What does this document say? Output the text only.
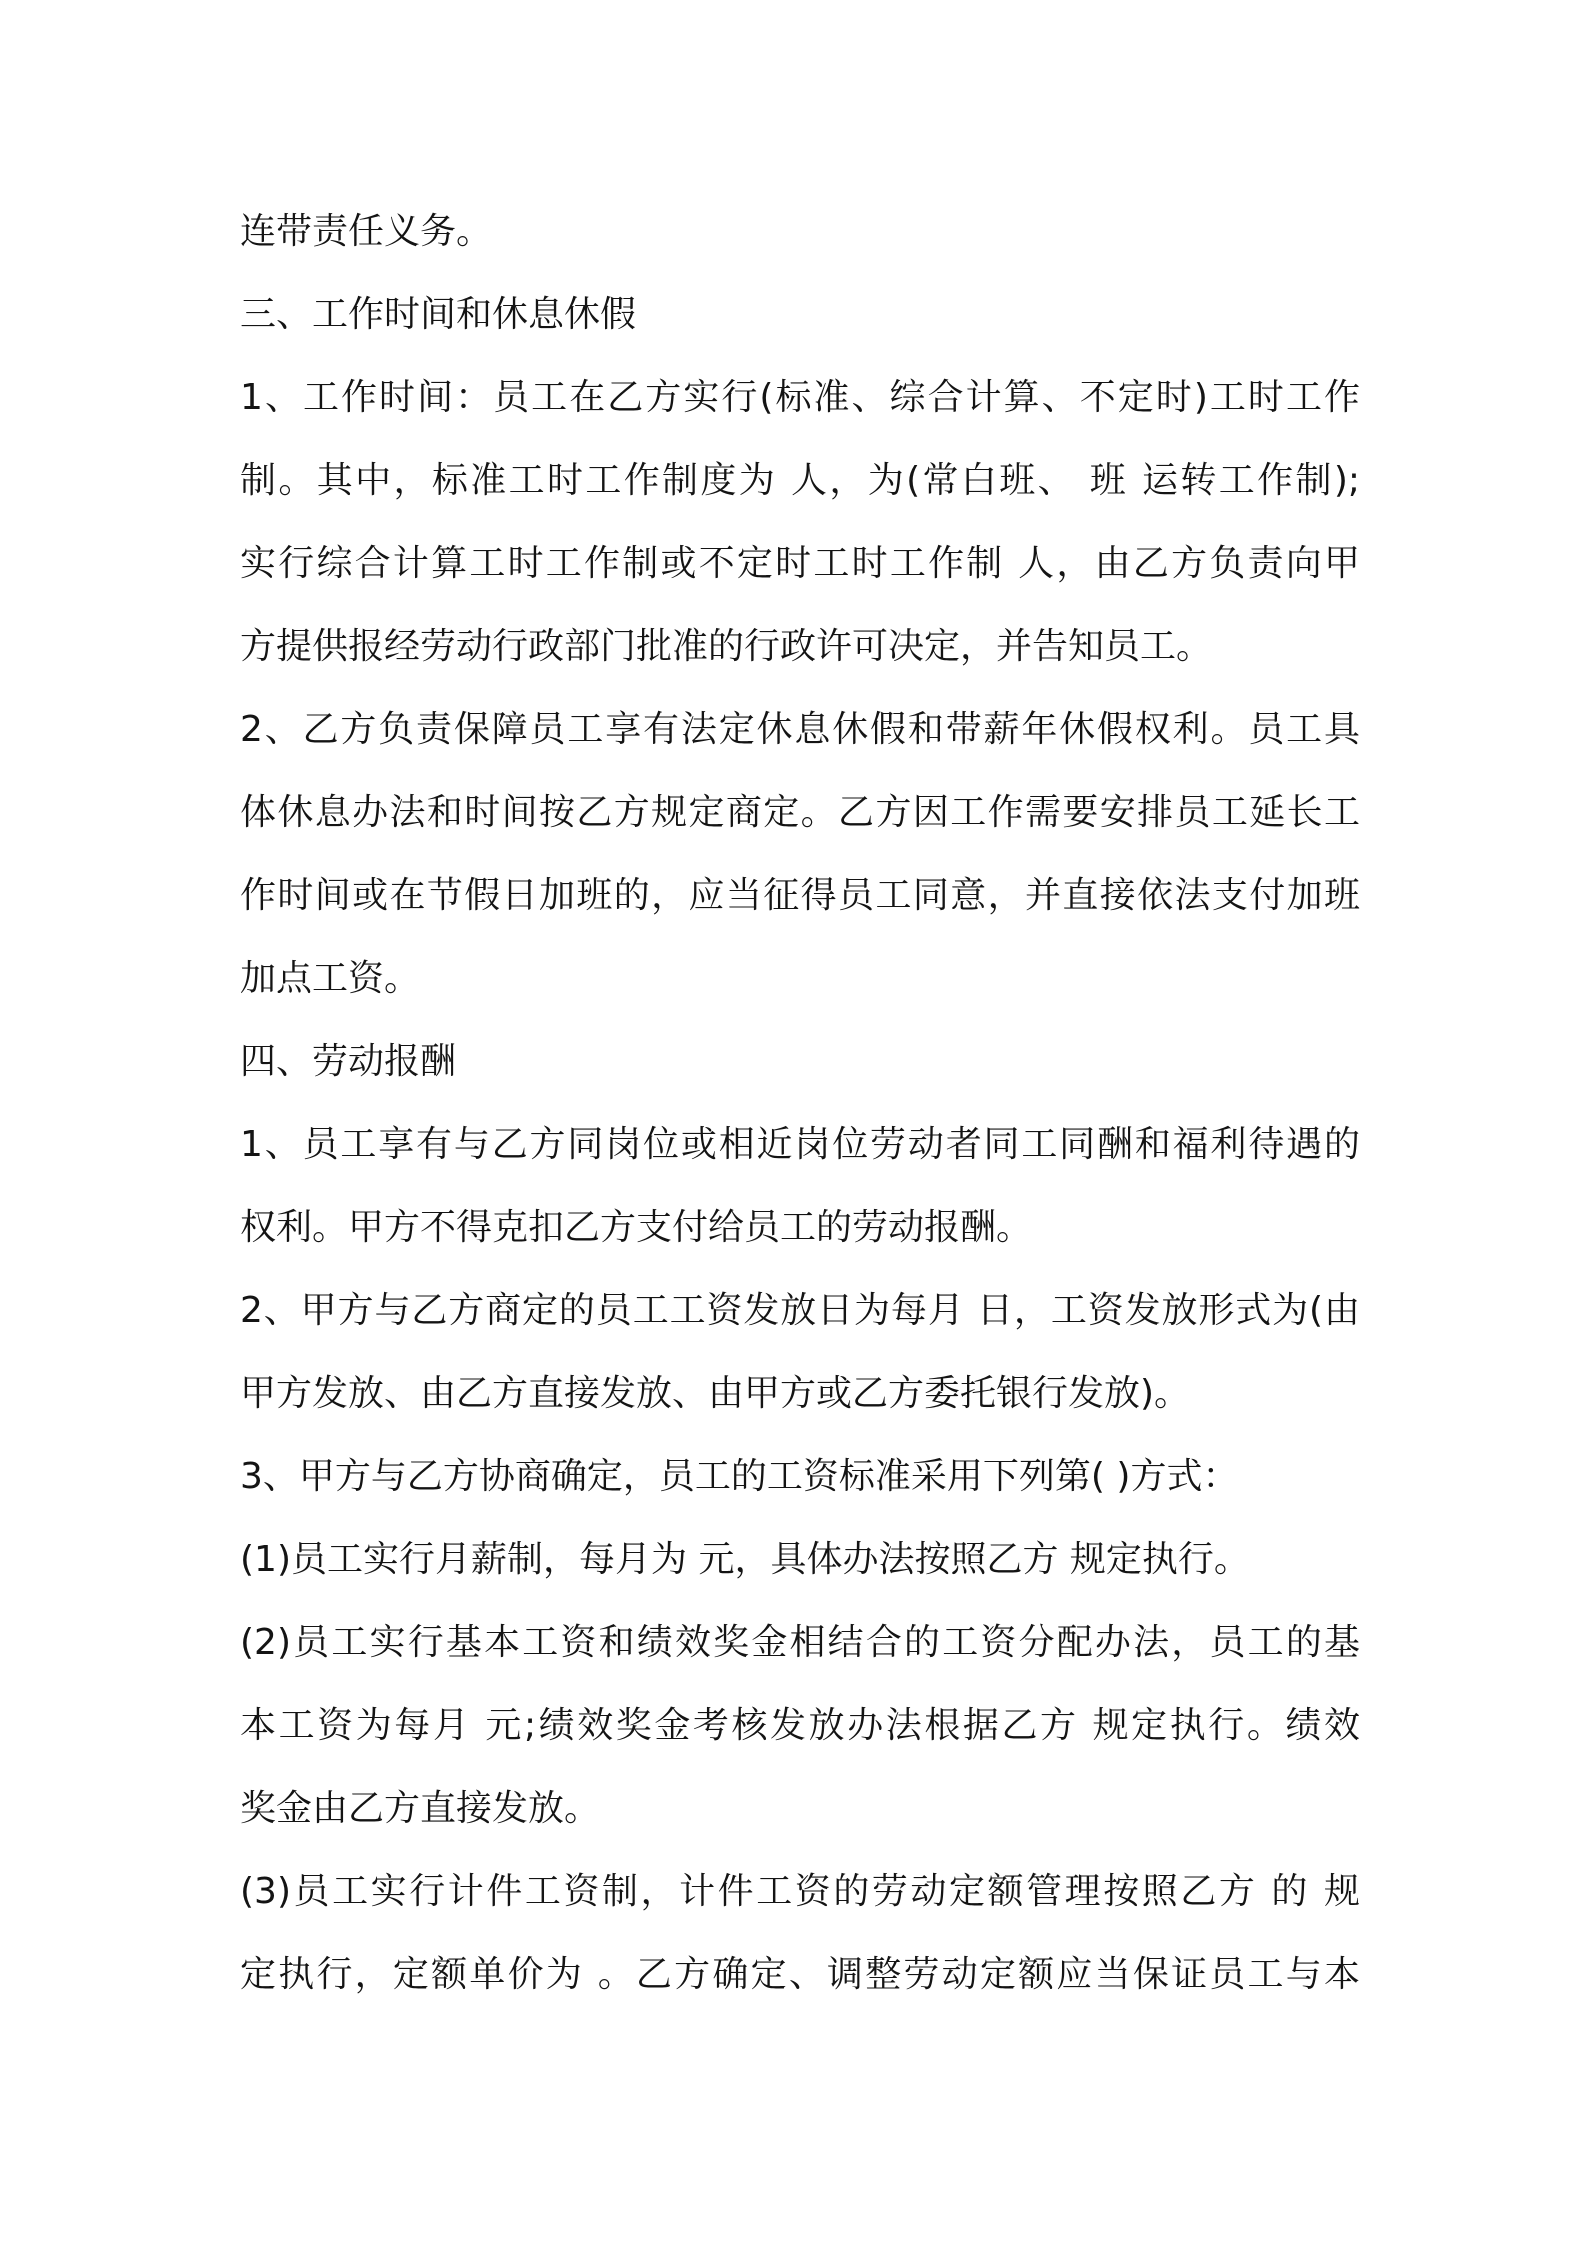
连带责任义务。
三、工作时间和休息休假
1、工作时间：员工在乙方实行(标准、综合计算、不定时)工时工作
制。其中，标准工时工作制度为 人，为(常白班、 班 运转工作制);
实行综合计算工时工作制或不定时工时工作制 人，由乙方负责向甲
方提供报经劳动行政部门批准的行政许可决定，并告知员工。
2、乙方负责保障员工享有法定休息休假和带薪年休假权利。员工具
体休息办法和时间按乙方规定商定。乙方因工作需要安排员工延长工
作时间或在节假日加班的，应当征得员工同意，并直接依法支付加班
加点工资。
四、劳动报酬
1、员工享有与乙方同岗位或相近岗位劳动者同工同酬和福利待遇的
权利。甲方不得克扣乙方支付给员工的劳动报酬。
2、甲方与乙方商定的员工工资发放日为每月 日，工资发放形式为(由
甲方发放、由乙方直接发放、由甲方或乙方委托银行发放)。
3、甲方与乙方协商确定，员工的工资标准采用下列第( )方式：
(1)员工实行月薪制，每月为 元，具体办法按照乙方 规定执行。
(2)员工实行基本工资和绩效奖金相结合的工资分配办法，员工的基
本工资为每月 元;绩效奖金考核发放办法根据乙方 规定执行。绩效
奖金由乙方直接发放。
(3)员工实行计件工资制，计件工资的劳动定额管理按照乙方 的 规
定执行，定额单价为 。乙方确定、调整劳动定额应当保证员工与本
